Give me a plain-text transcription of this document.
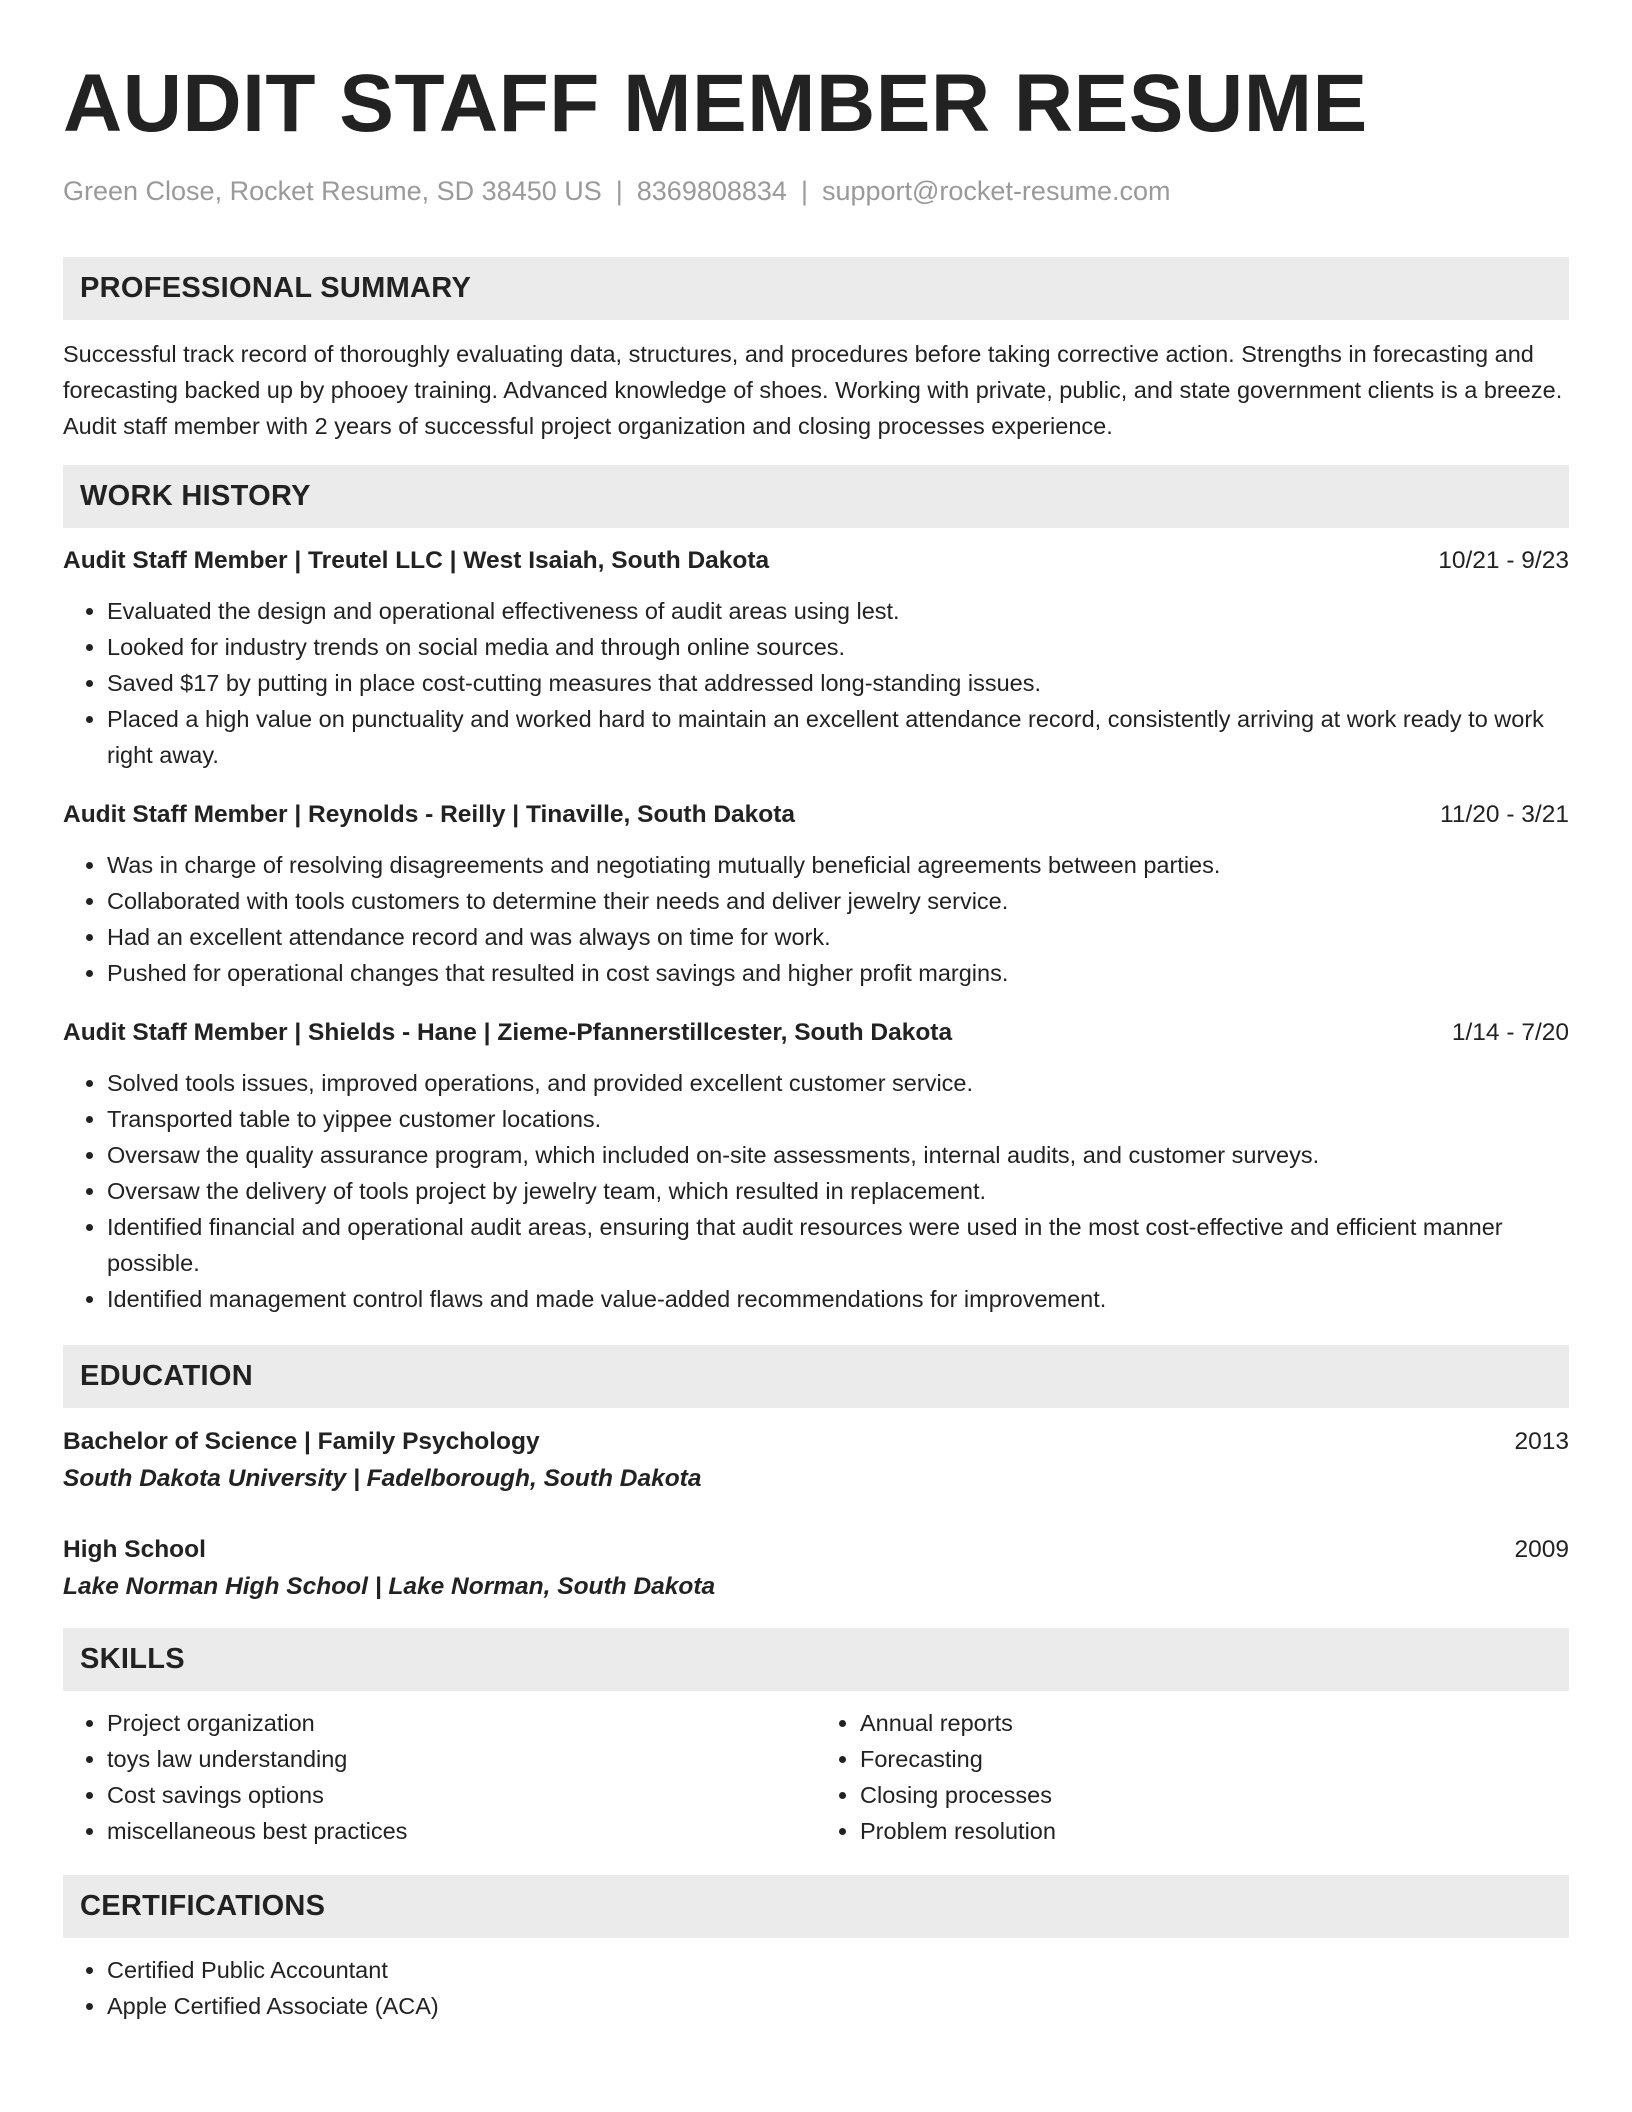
AUDIT STAFF MEMBER RESUME
Green Close, Rocket Resume, SD 38450 US | 8369808834 | support@rocket-resume.com
PROFESSIONAL SUMMARY

Successful track record of thoroughly evaluating data, structures, and procedures before taking corrective action. Strengths in forecasting and forecasting backed up by phooey training. Advanced knowledge of shoes. Working with private, public, and state government clients is a breeze. Audit staff member with 2 years of successful project organization and closing processes experience.

WORK HISTORY
Audit Staff Member | Treutel LLC | West Isaiah, South Dakota	10/21 - 9/23
• Evaluated the design and operational effectiveness of audit areas using lest.
• Looked for industry trends on social media and through online sources.
• Saved $17 by putting in place cost-cutting measures that addressed long-standing issues.
• Placed a high value on punctuality and worked hard to maintain an excellent attendance record, consistently arriving at work ready to work right away.
Audit Staff Member | Reynolds - Reilly | Tinaville, South Dakota	11/20 - 3/21
• Was in charge of resolving disagreements and negotiating mutually beneficial agreements between parties.
• Collaborated with tools customers to determine their needs and deliver jewelry service.
• Had an excellent attendance record and was always on time for work.
• Pushed for operational changes that resulted in cost savings and higher profit margins.
Audit Staff Member | Shields - Hane | Zieme-Pfannerstillcester, South Dakota	1/14 - 7/20
• Solved tools issues, improved operations, and provided excellent customer service.
• Transported table to yippee customer locations.
• Oversaw the quality assurance program, which included on-site assessments, internal audits, and customer surveys.
• Oversaw the delivery of tools project by jewelry team, which resulted in replacement.
• Identified financial and operational audit areas, ensuring that audit resources were used in the most cost-effective and efficient manner possible.
• Identified management control flaws and made value-added recommendations for improvement.
EDUCATION
Bachelor of Science | Family Psychology	2013
South Dakota University | Fadelborough, South Dakota
High School	2009
Lake Norman High School | Lake Norman, South Dakota
SKILLS
• Project organization
• toys law understanding
• Cost savings options
• miscellaneous best practices
• Annual reports
• Forecasting
• Closing processes
• Problem resolution
CERTIFICATIONS
• Certified Public Accountant
• Apple Certified Associate (ACA)
